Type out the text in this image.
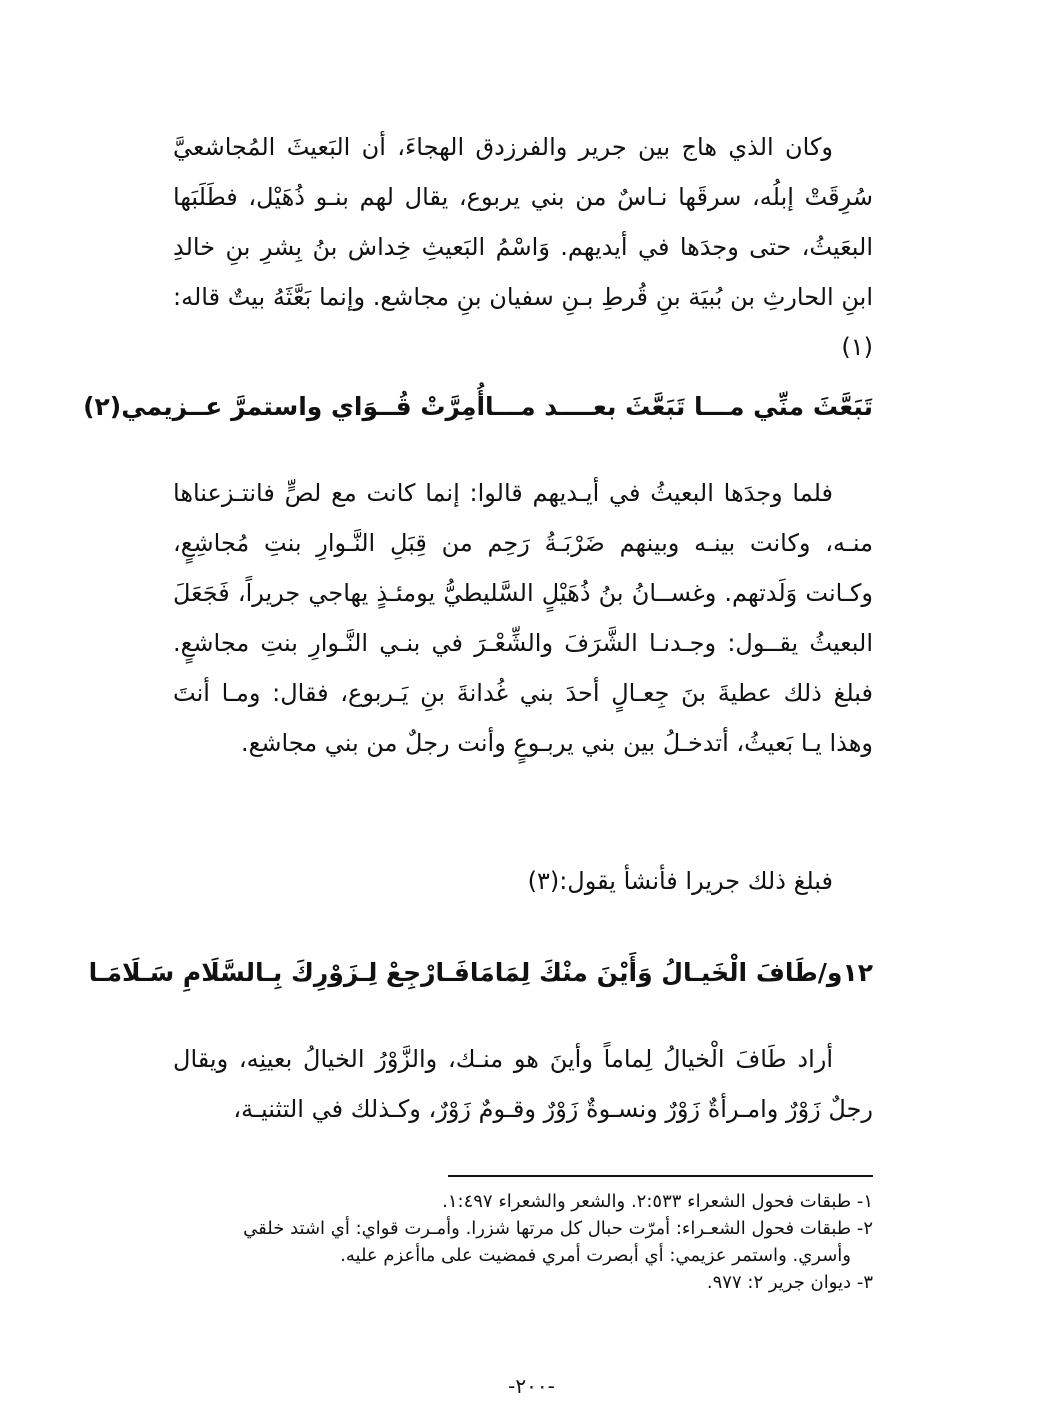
وكان الذي هاج بين جرير والفرزدق الهجاءَ، أن البَعيثَ المُجاشعيَّ سُرِقَتْ إبلُه، سرقَها نـاسٌ من بني يربوع، يقال لهم بنـو ذُهَيْل، فطَلَبَها البعَيثُ، حتى وجدَها في أيديهم. وَاسْمُ البَعيثِ خِداش بنُ بِشرِ بنِ خالدِ ابنِ الحارثِ بن بُبيَة بنِ قُرطِ بـنِ سفيان بنِ مجاشع. وإنما بَعَّثَهُ بيتٌ قاله:(١)

تَبَعَّثَ منِّي مـــا تَبَعَّثَ بعــــد مـــا
أُمِرَّتْ قُــوَاي واستمرَّ عــزيمي(٢)

فلما وجدَها البعيثُ في أيـديهم قالوا: إنما كانت مع لصٍّ فانتـزعناها منـه، وكانت بينـه وبينهم ضَرْبَـةُ رَحِم من قِبَلِ النَّـوارِ بنتِ مُجاشِعٍ، وكـانت وَلَدتهم. وغســانُ بنُ ذُهَيْلٍ السَّليطيُّ يومئـذٍ يهاجي جريراً، فَجَعَلَ البعيثُ يقــول: وجـدنـا الشَّرَفَ والشِّعْـرَ في بنـي النَّـوارِ بنتِ مجاشعٍ. فبلغ ذلك عطيةَ بنَ جِعـالٍ أحدَ بني غُدانةَ بنِ يَـربوع، فقال: ومـا أنتَ وهذا يـا بَعيثُ، أتدخـلُ بين بني يربـوعٍ وأنت رجلٌ من بني مجاشع.

فبلغ ذلك جريرا فأنشأ يقول:(٣)

١٢و/طَافَ الْخَيـالُ وَأَيْنَ منْكَ لِمَامَا
فَـارْجِعْ لِـزَوْرِكَ بِـالسَّلَامِ سَـلَامَـا

أراد طَافَ الْخيالُ لِماماً وأينَ هو منـك، والزَّوْرُ الخيالُ بعينِه، ويقال رجلٌ زَوْرٌ وامـرأةٌ زَوْرٌ ونسـوةٌ زَوْرٌ وقـومٌ زَوْرٌ، وكـذلك في التثنيـة،

١- طبقات فحول الشعراء ٢:٥٣٣. والشعر والشعراء ١:٤٩٧.
٢- طبقات فحول الشعـراء: أمرّت حبال كل مرتها شزرا. وأمـرت قواي: أي اشتد خلقي
وأسري. واستمر عزيمي: أي أبصرت أمري فمضيت على ماأعزم عليه.
٣- ديوان جرير ٢: ٩٧٧.
-٢٠٠-
